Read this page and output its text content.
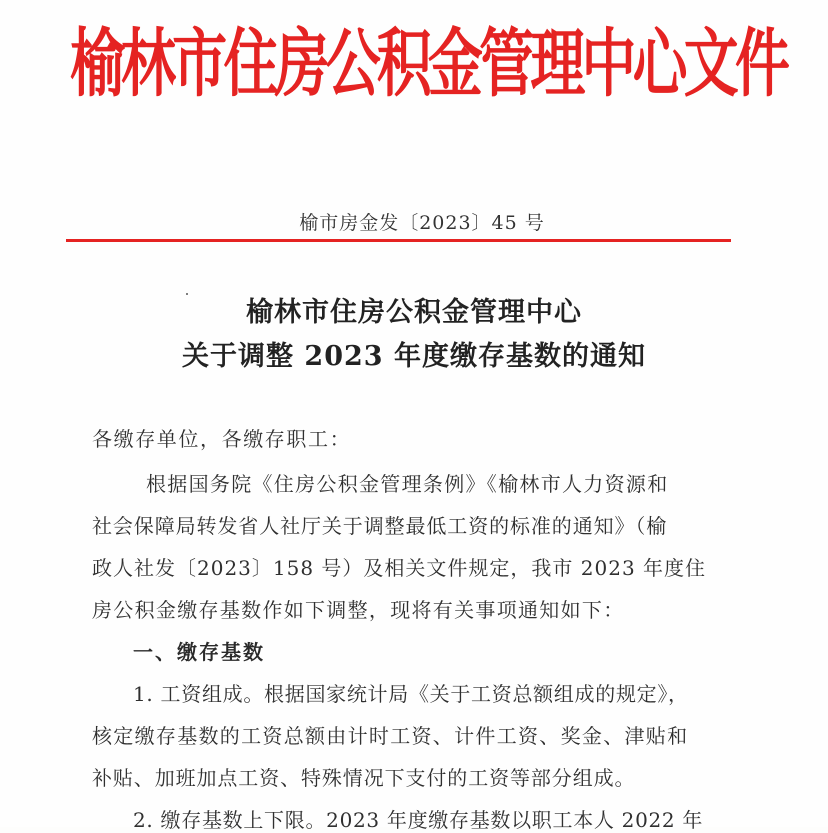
榆林市住房公积金管理中心文件
榆市房金发〔2023〕45 号
榆林市住房公积金管理中心
关于调整 2023 年度缴存基数的通知

各缴存单位，各缴存职工：

根据国务院《住房公积金管理条例》《榆林市人力资源和

社会保障局转发省人社厅关于调整最低工资的标准的通知》（榆

政人社发〔2023〕158 号）及相关文件规定，我市 2023 年度住

房公积金缴存基数作如下调整，现将有关事项通知如下：

一、缴存基数

1. 工资组成。根据国家统计局《关于工资总额组成的规定》，

核定缴存基数的工资总额由计时工资、计件工资、奖金、津贴和

补贴、加班加点工资、特殊情况下支付的工资等部分组成。

2. 缴存基数上下限。2023 年度缴存基数以职工本人 2022 年
